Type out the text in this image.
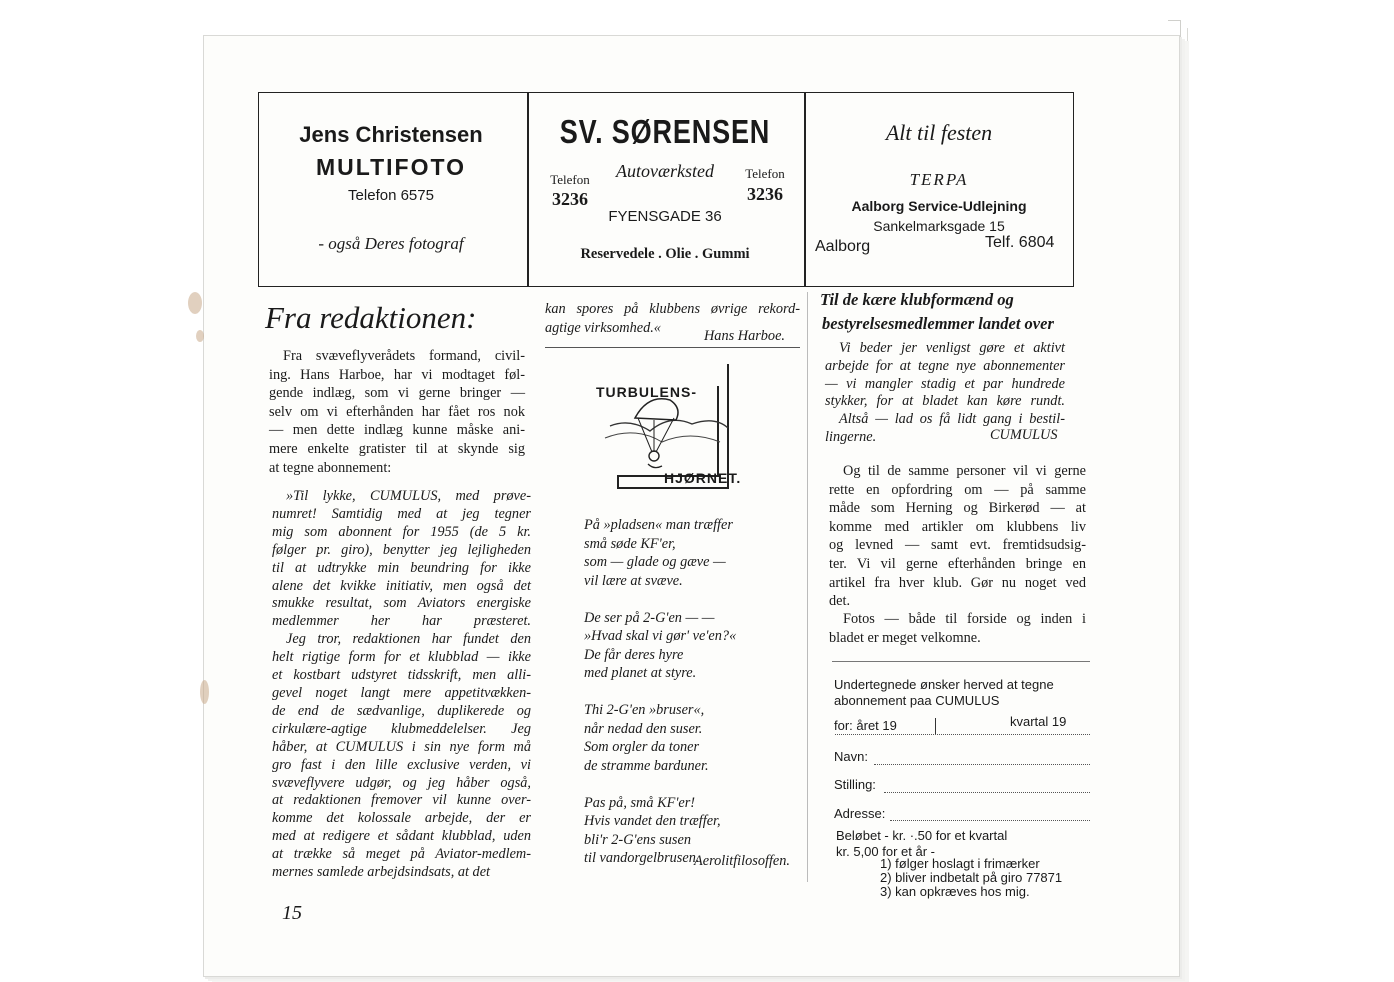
Jens Christensen
MULTIFOTO
Telefon 6575
- også Deres fotograf
SV. SØRENSEN
Autoværksted
Telefon
3236
Telefon
3236
FYENSGADE 36
Reservedele . Olie . Gummi
Alt til festen
TERPA
Aalborg Service-Udlejning
Sankelmarksgade 15
Aalborg	Telf. 6804
Fra redaktionen:
Fra svæveflyverådets formand, civil-
ing. Hans Harboe, har vi modtaget føl-
gende indlæg, som vi gerne bringer —
selv om vi efterhånden har fået ros nok
— men dette indlæg kunne måske ani-
mere enkelte gratister til at skynde sig
at tegne abonnement:
»Til lykke, CUMULUS, med prøve-
numret! Samtidig med at jeg tegner
mig som abonnent for 1955 (de 5 kr.
følger pr. giro), benytter jeg lejligheden
til at udtrykke min beundring for ikke
alene det kvikke initiativ, men også det
smukke resultat, som Aviators energiske
medlemmer her har præsteret.
Jeg tror, redaktionen har fundet den
helt rigtige form for et klubblad — ikke
et kostbart udstyret tidsskrift, men alli-
gevel noget langt mere appetitvækken-
de end de sædvanlige, duplikerede og
cirkulære-agtige klubmeddelelser. Jeg
håber, at CUMULUS i sin nye form må
gro fast i den lille exclusive verden, vi
svæveflyvere udgør, og jeg håber også,
at redaktionen fremover vil kunne over-
komme det kolossale arbejde, der er
med at redigere et sådant klubblad, uden
at trække så meget på Aviator-medlem-
mernes samlede arbejdsindsats, at det
15
kan spores på klubbens øvrige rekord-
agtige virksomhed.«
Hans Harboe.
TURBULENS-
HJØRNET.
På »pladsen« man træffer
små søde KF'er,
som — glade og gæve —
vil lære at svæve.

De ser på 2-G'en — —
»Hvad skal vi gør' ve'en?«
De får deres hyre
med planet at styre.

Thi 2-G'en »bruser«,
når nedad den suser.
Som orgler da toner
de stramme barduner.

Pas på, små KF'er!
Hvis vandet den træffer,
bli'r 2-G'ens susen
til vandorgelbrusen.
Aerolitfilosoffen.
Til de kære klubformænd og
bestyrelsesmedlemmer landet over
Vi beder jer venligst gøre et aktivt
arbejde for at tegne nye abonnementer
— vi mangler stadig et par hundrede
stykker, for at bladet kan køre rundt.
Altså — lad os få lidt gang i bestil-
lingerne.	CUMULUS
Og til de samme personer vil vi gerne
rette en opfordring om — på samme
måde som Herning og Birkerød — at
komme med artikler om klubbens liv
og levned — samt evt. fremtidsudsig-
ter. Vi vil gerne efterhånden bringe en
artikel fra hver klub. Gør nu noget ved
det.
Fotos — både til forside og inden i
bladet er meget velkomne.
Undertegnede ønsker herved at tegne
abonnement paa CUMULUS
for: året 19	kvartal 19
Navn:
Stilling:
Adresse:
Beløbet - kr. ·.50 for et kvartal
kr. 5,00 for et år -
1) følger hoslagt i frimærker
2) bliver indbetalt på giro 77871
3) kan opkræves hos mig.
